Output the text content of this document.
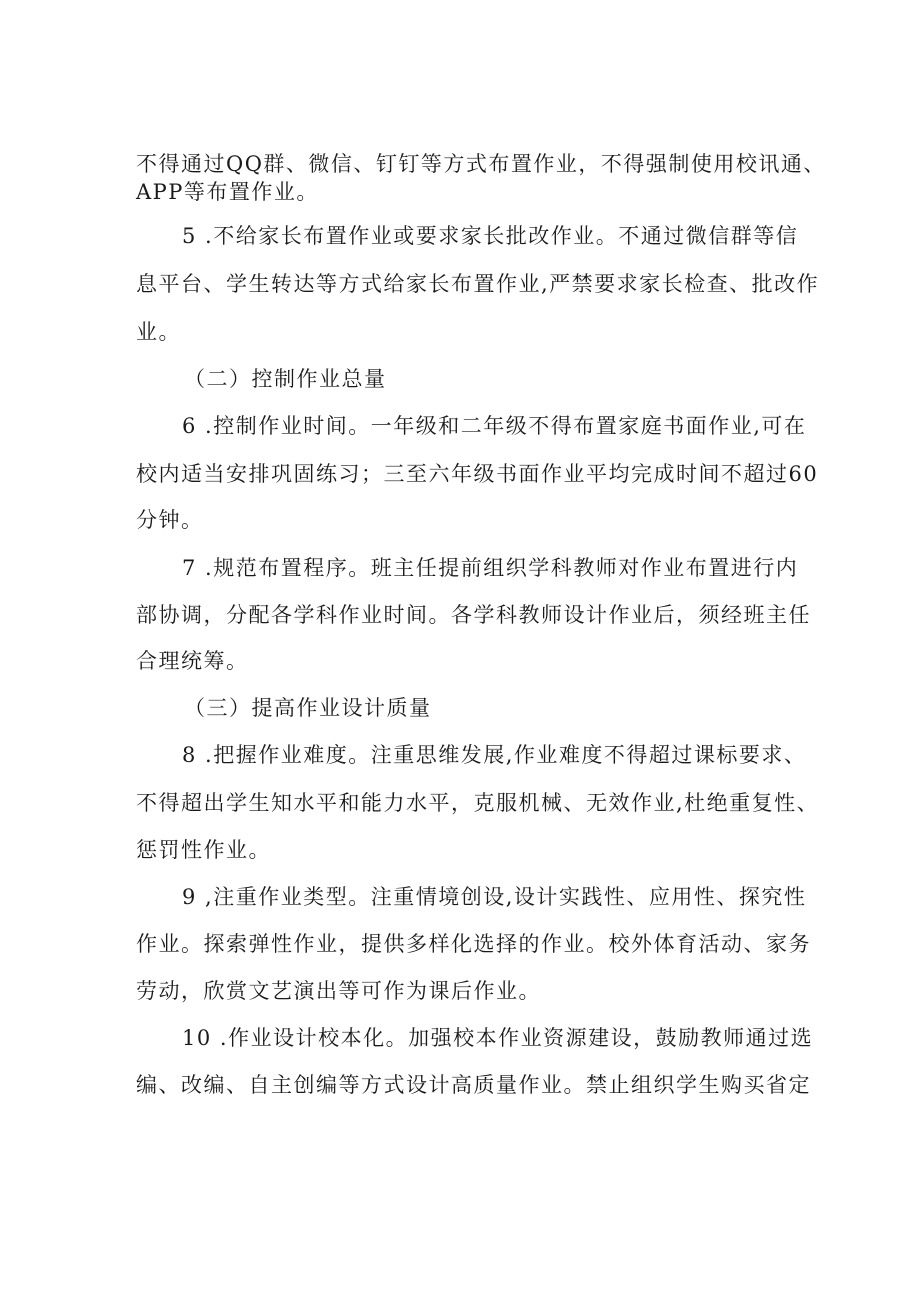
不得通过QQ群、微信、钉钉等方式布置作业，不得强制使用校讯通、
APP等布置作业。
5 .不给家长布置作业或要求家长批改作业。不通过微信群等信
息平台、学生转达等方式给家长布置作业,严禁要求家长检查、批改作
业。
（二）控制作业总量
6 .控制作业时间。一年级和二年级不得布置家庭书面作业,可在
校内适当安排巩固练习；三至六年级书面作业平均完成时间不超过60
分钟。
7 .规范布置程序。班主任提前组织学科教师对作业布置进行内
部协调，分配各学科作业时间。各学科教师设计作业后，须经班主任
合理统筹。
（三）提高作业设计质量
8 .把握作业难度。注重思维发展,作业难度不得超过课标要求、
不得超出学生知水平和能力水平，克服机械、无效作业,杜绝重复性、
惩罚性作业。
9 ,注重作业类型。注重情境创设,设计实践性、应用性、探究性
作业。探索弹性作业，提供多样化选择的作业。校外体育活动、家务
劳动，欣赏文艺演出等可作为课后作业。
10 .作业设计校本化。加强校本作业资源建设，鼓励教师通过选
编、改编、自主创编等方式设计高质量作业。禁止组织学生购买省定
